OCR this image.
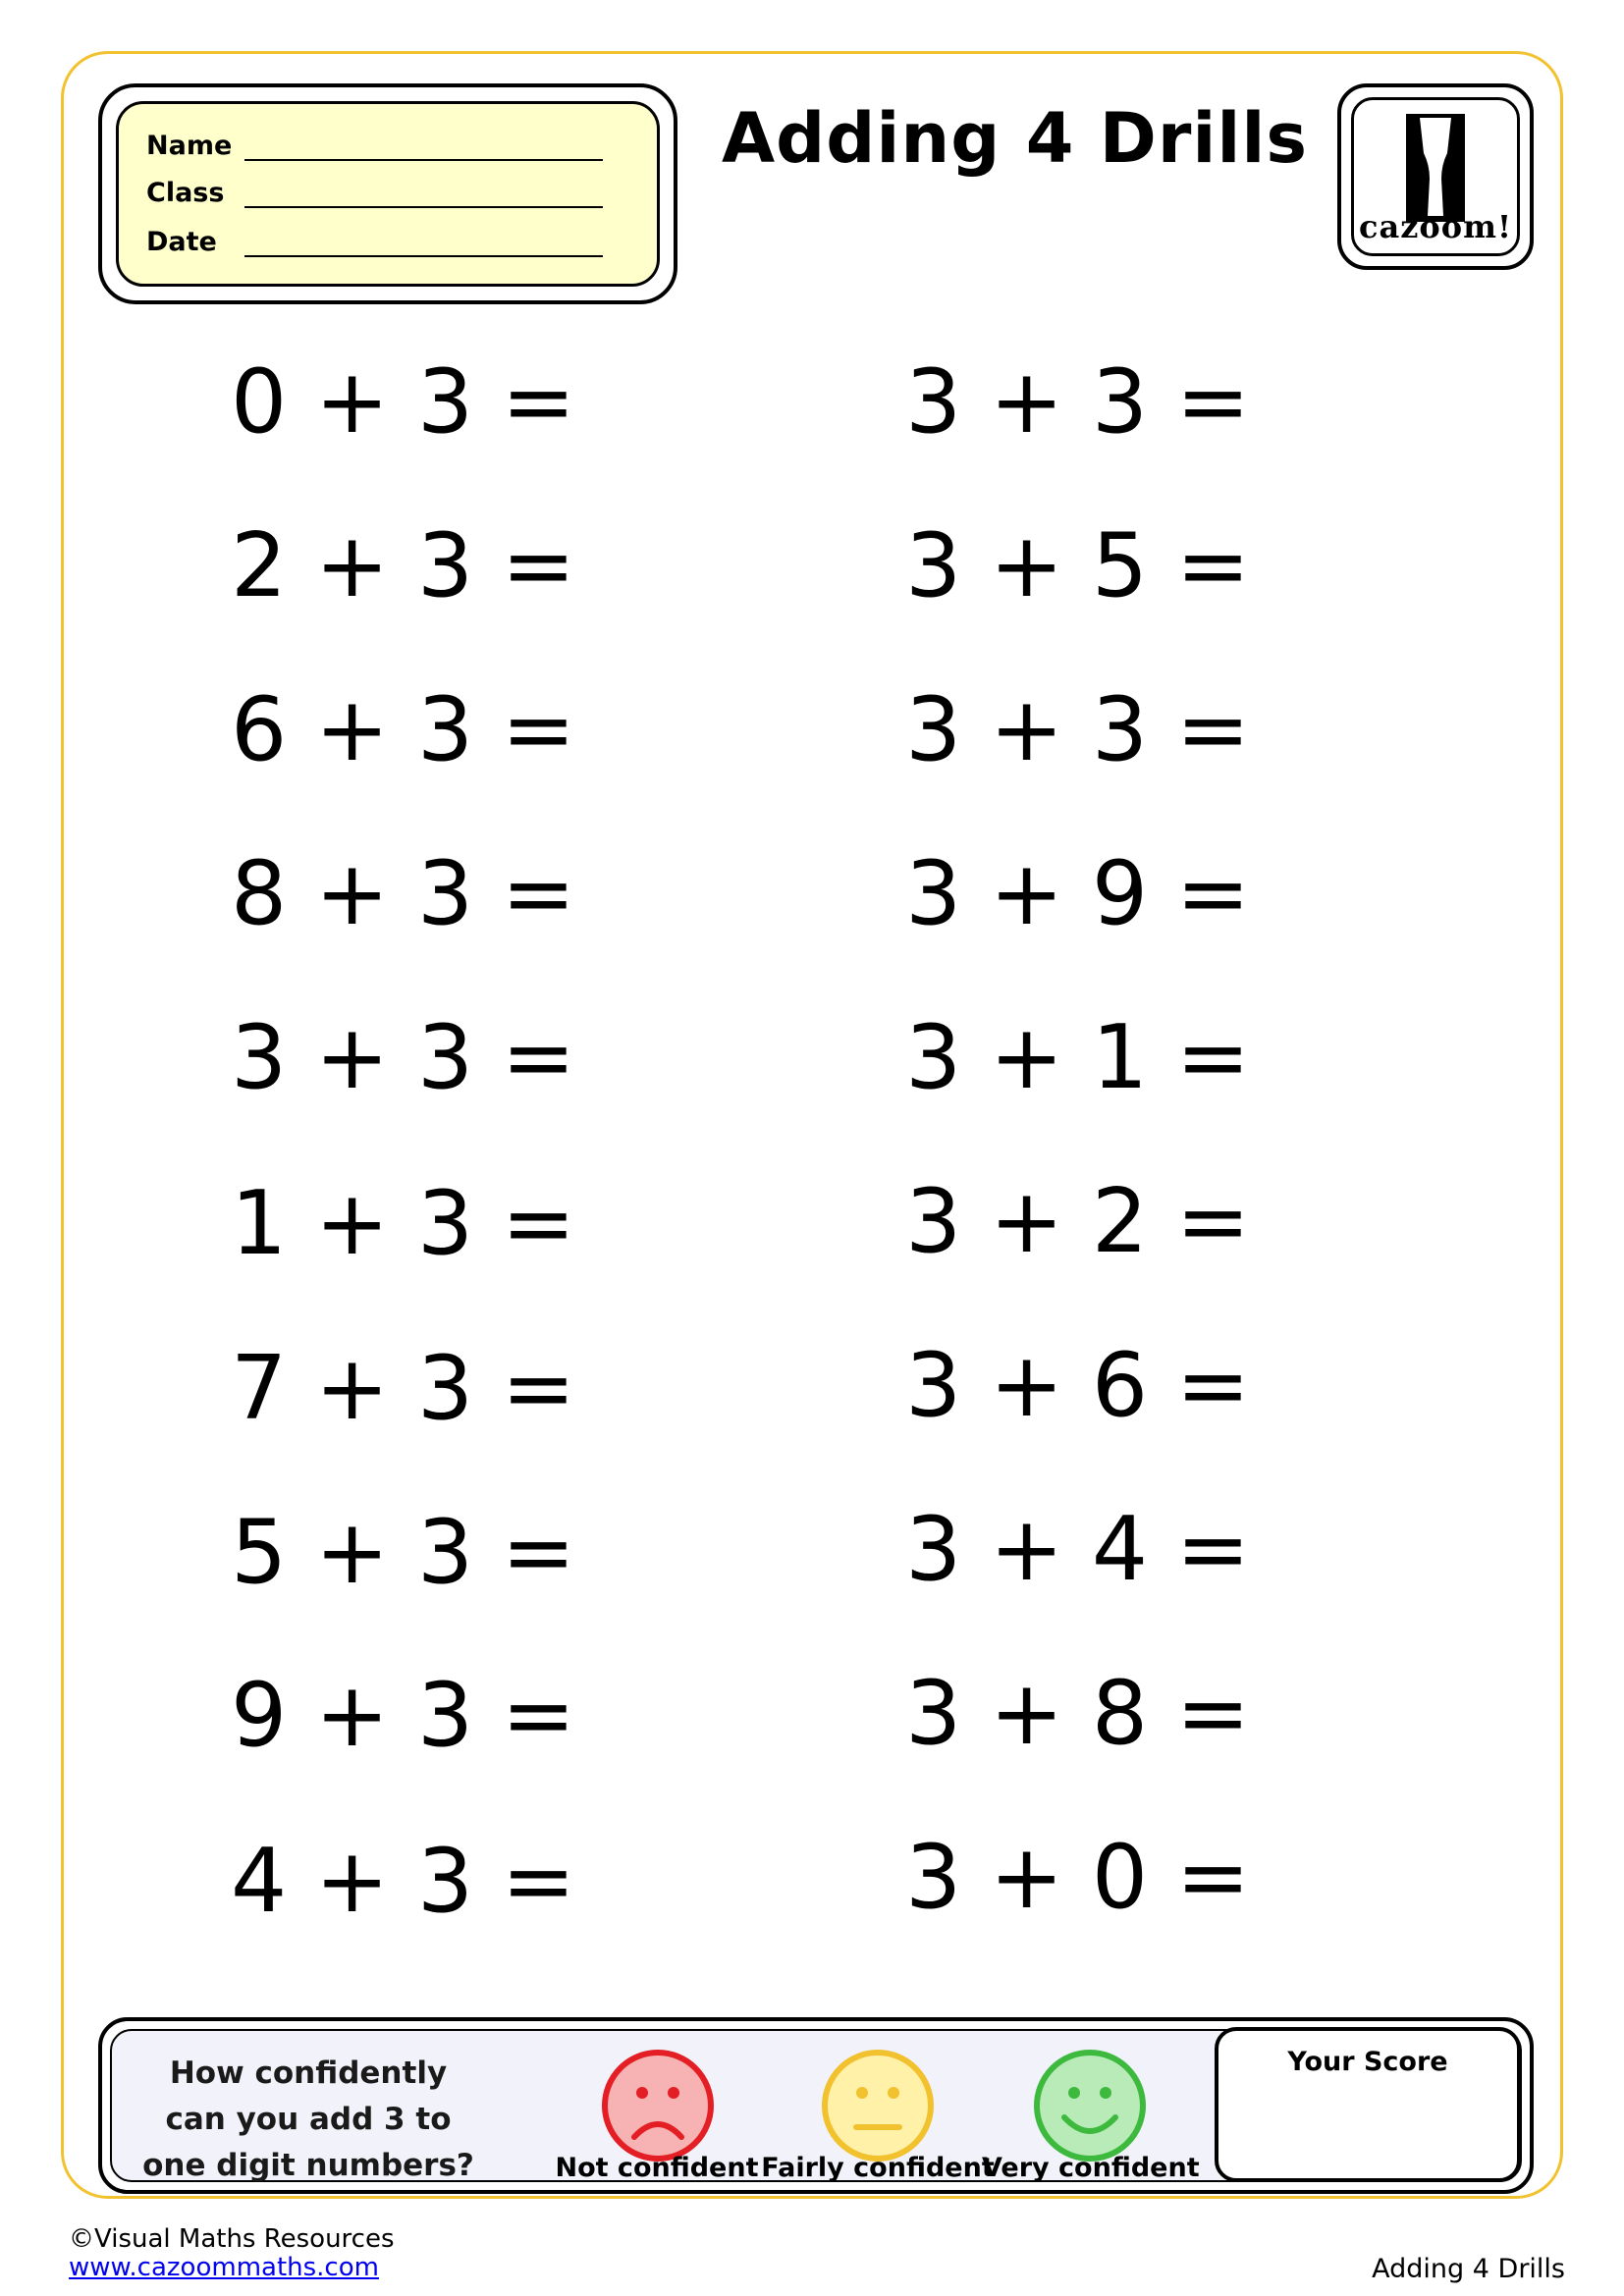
Name
Class
Date
Adding 4 Drills
cazoom!
0 + 3 =
2 + 3 =
6 + 3 =
8 + 3 =
3 + 3 =
1 + 3 =
7 + 3 =
5 + 3 =
9 + 3 =
4 + 3 =
3 + 3 =
3 + 5 =
3 + 3 =
3 + 9 =
3 + 1 =
3 + 2 =
3 + 6 =
3 + 4 =
3 + 8 =
3 + 0 =
How confidently can you add 3 to one digit numbers?	Not confident Fairly confident
Very confident
Your Score
©Visual Maths Resources
www.cazoommaths.com	Adding 4 Drills
